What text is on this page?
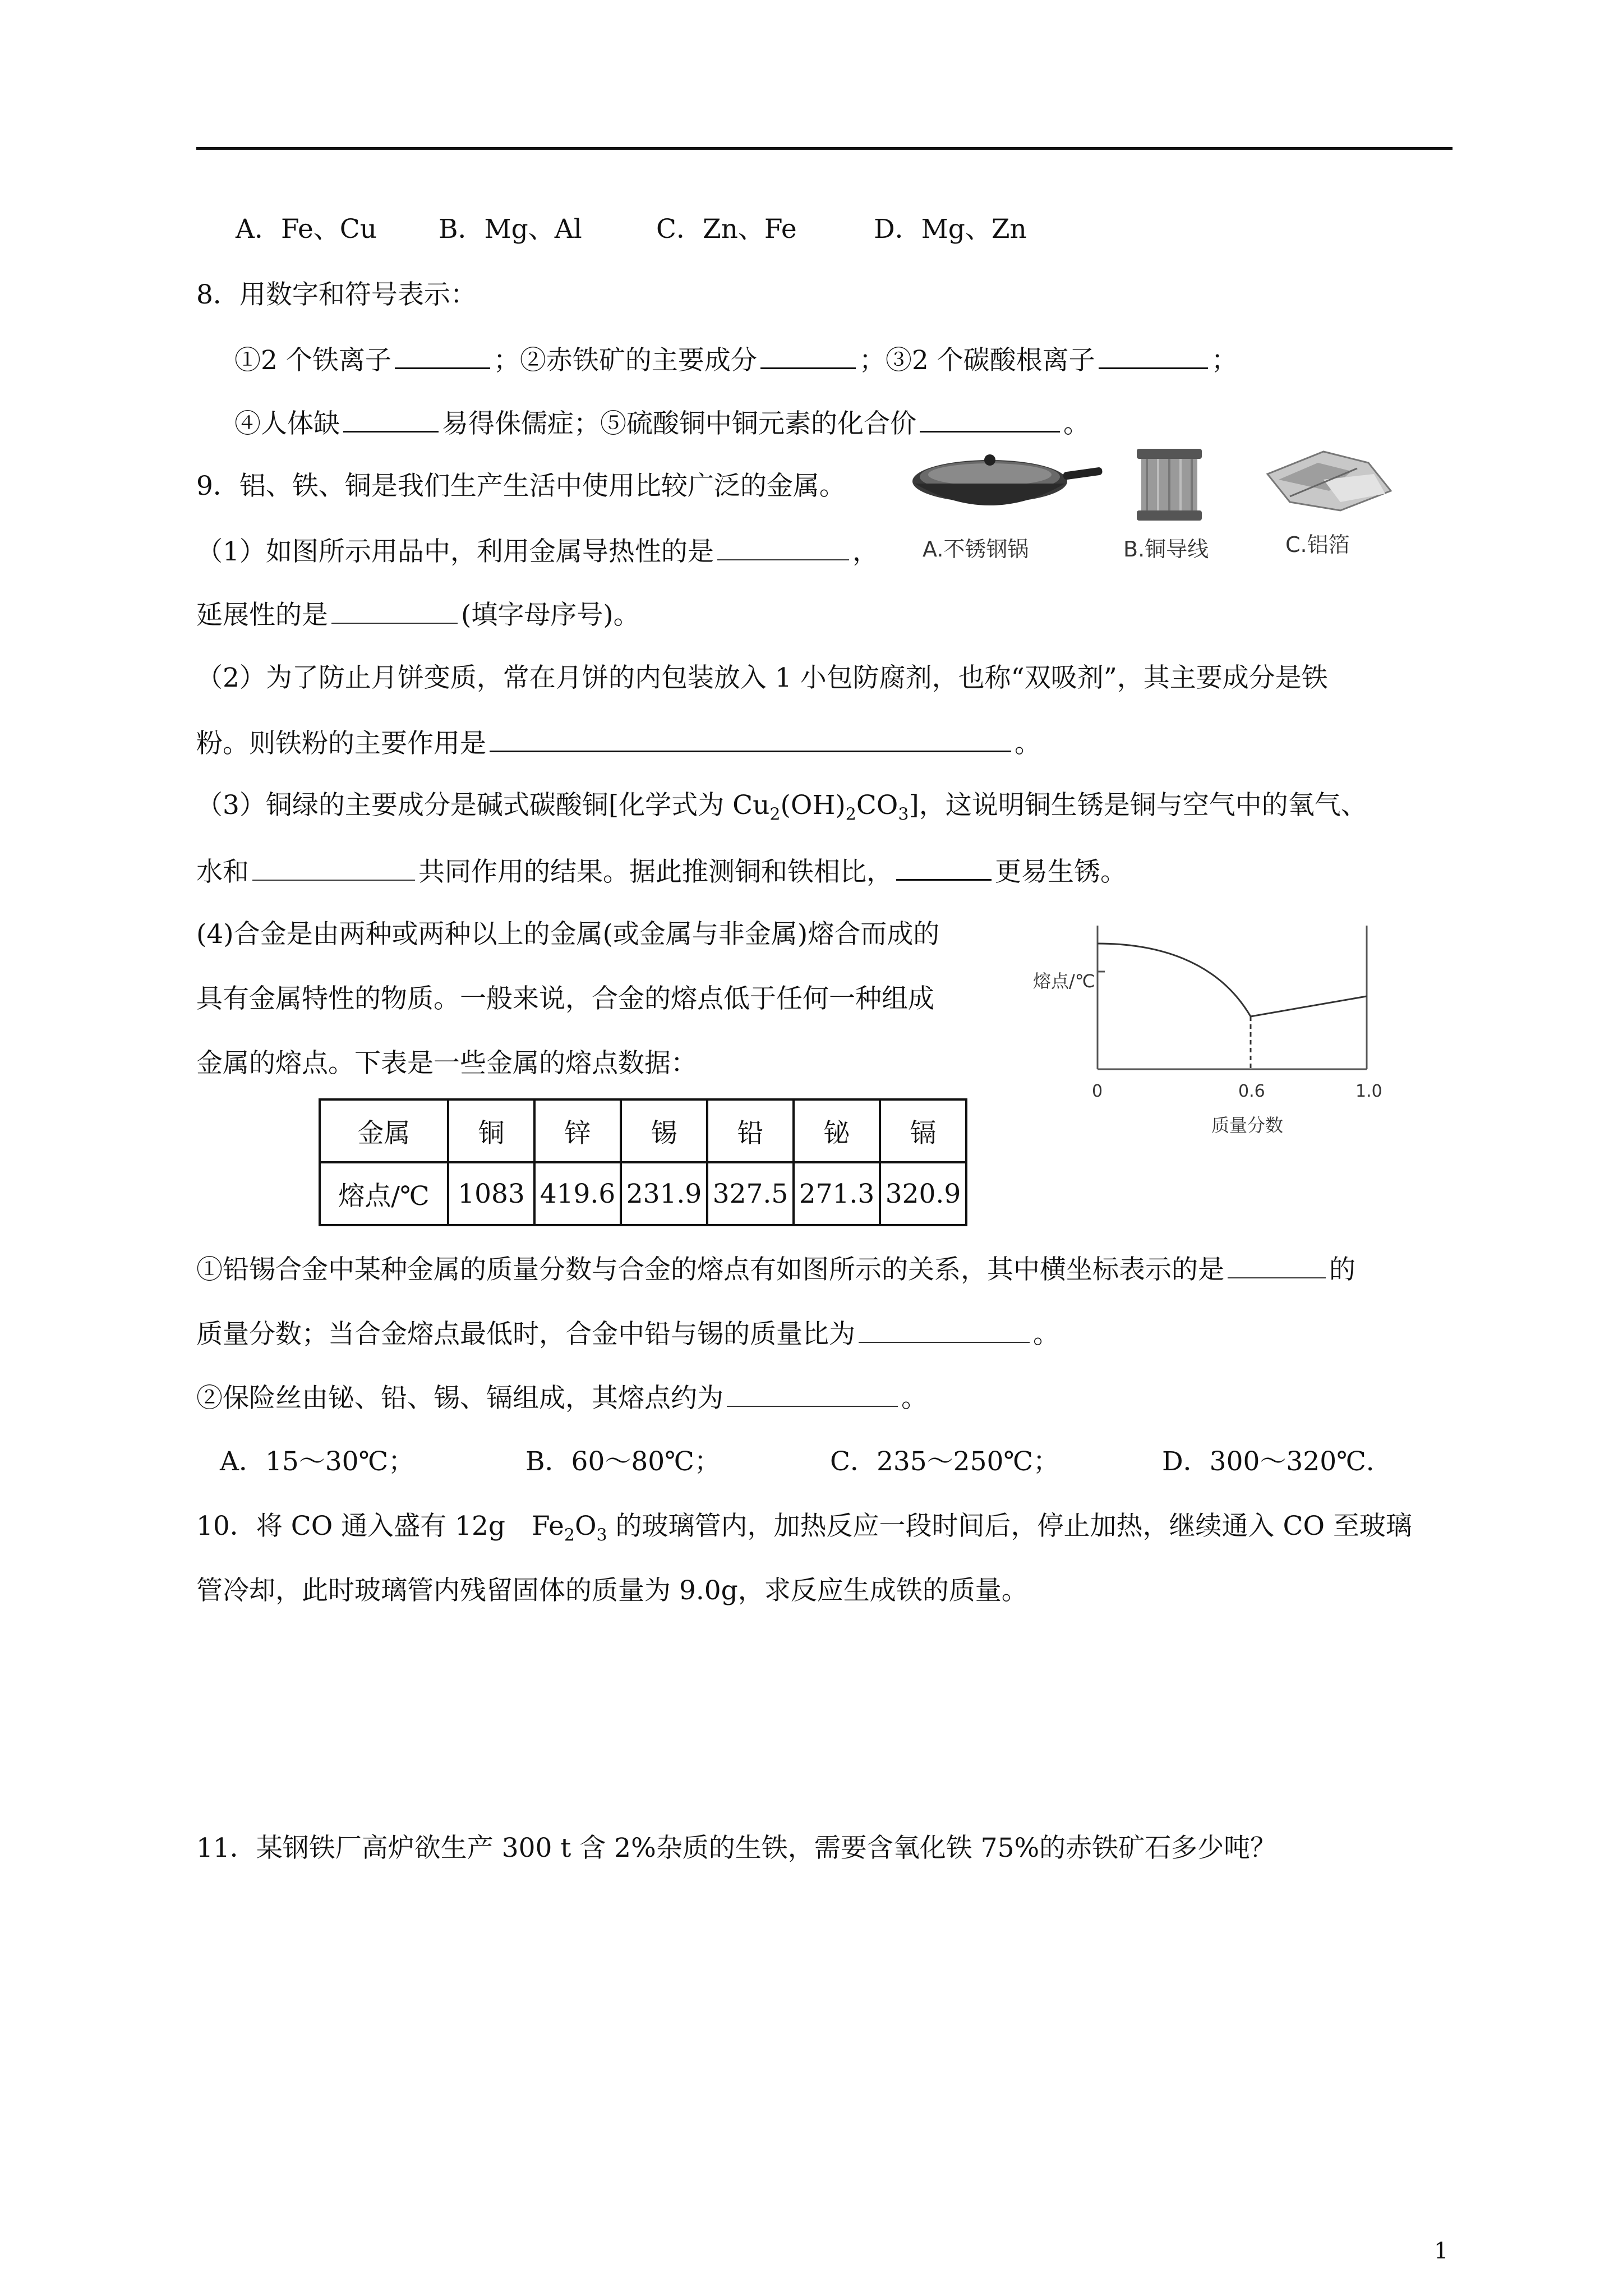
A．Fe、Cu B．Mg、Al	C．Zn、Fe	D．Mg、Zn
8．用数字和符号表示：
①2 个铁离子	；②赤铁矿的主要成分	；③2 个碳酸根离子	；
④人体缺	易得侏儒症；⑤硫酸铜中铜元素的化合价	。
9．铝、铁、铜是我们生产生活中使用比较广泛的金属。
A.不锈钢锅	B.铜导线	C.铝箔
（1）如图所示用品中，利用金属导热性的是	，
延展性的是	(填字母序号)。
（2）为了防止月饼变质，常在月饼的内包装放入 1 小包防腐剂，也称“双吸剂”，其主要成分是铁
粉。则铁粉的主要作用是	。
（3）铜绿的主要成分是碱式碳酸铜[化学式为 $Cu_2(OH)_2CO_3$]，这说明铜生锈是铜与空气中的氧气、
水和	共同作用的结果。据此推测铜和铁相比，	更易生锈。
(4)合金是由两种或两种以上的金属(或金属与非金属)熔合而成的
具有金属特性的物质。一般来说，合金的熔点低于任何一种组成
金属的熔点。下表是一些金属的熔点数据：
熔点/℃
0	0.6	1.0
质量分数
金属	铜	锌	锡	铅	铋	镉
熔点/℃	1083	419.6	231.9	327.5	271.3	320.9
①铅锡合金中某种金属的质量分数与合金的熔点有如图所示的关系，其中横坐标表示的是	的
质量分数；当合金熔点最低时，合金中铅与锡的质量比为	。
②保险丝由铋、铅、锡、镉组成，其熔点约为	。
A．15～30℃；	B．60～80℃；	C．235～250℃；	D．300～320℃.
10．将 CO 通入盛有 12g　$Fe_2O_3$ 的玻璃管内，加热反应一段时间后，停止加热，继续通入 CO 至玻璃
管冷却，此时玻璃管内残留固体的质量为 9.0g，求反应生成铁的质量。
11．某钢铁厂高炉欲生产 300 t 含 2%杂质的生铁，需要含氧化铁 75%的赤铁矿石多少吨？
1
